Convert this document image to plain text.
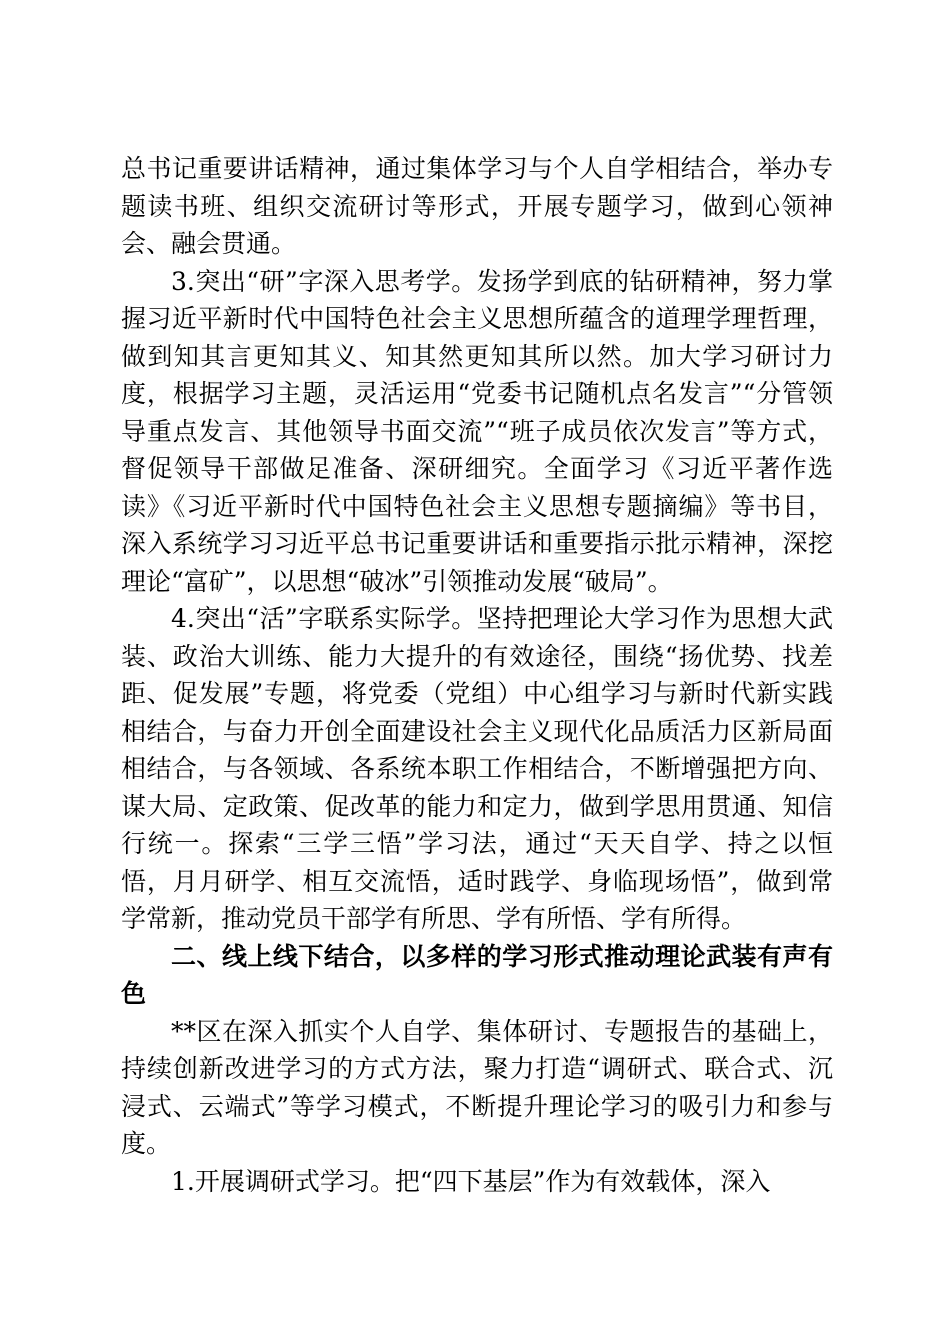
总书记重要讲话精神，通过集体学习与个人自学相结合，举办专题读书班、组织交流研讨等形式，开展专题学习，做到心领神会、融会贯通。

3.突出“研”字深入思考学。发扬学到底的钻研精神，努力掌握习近平新时代中国特色社会主义思想所蕴含的道理学理哲理，做到知其言更知其义、知其然更知其所以然。加大学习研讨力度，根据学习主题，灵活运用“党委书记随机点名发言”“分管领导重点发言、其他领导书面交流”“班子成员依次发言”等方式，督促领导干部做足准备、深研细究。全面学习《习近平著作选读》《习近平新时代中国特色社会主义思想专题摘编》等书目，深入系统学习习近平总书记重要讲话和重要指示批示精神，深挖理论“富矿”，以思想“破冰”引领推动发展“破局”。

4.突出“活”字联系实际学。坚持把理论大学习作为思想大武装、政治大训练、能力大提升的有效途径，围绕“扬优势、找差距、促发展”专题，将党委（党组）中心组学习与新时代新实践相结合，与奋力开创全面建设社会主义现代化品质活力区新局面相结合，与各领域、各系统本职工作相结合，不断增强把方向、谋大局、定政策、促改革的能力和定力，做到学思用贯通、知信行统一。探索“三学三悟”学习法，通过“天天自学、持之以恒悟，月月研学、相互交流悟，适时践学、身临现场悟”，做到常学常新，推动党员干部学有所思、学有所悟、学有所得。

二、线上线下结合，以多样的学习形式推动理论武装有声有色

**区在深入抓实个人自学、集体研讨、专题报告的基础上，持续创新改进学习的方式方法，聚力打造“调研式、联合式、沉浸式、云端式”等学习模式，不断提升理论学习的吸引力和参与度。

1.开展调研式学习。把“四下基层”作为有效载体，深入
